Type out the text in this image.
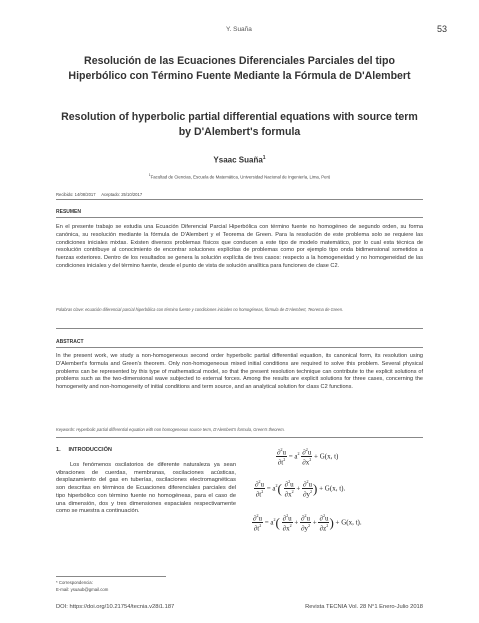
Y. Suaña	53
Resolución de las Ecuaciones Diferenciales Parciales del tipo Hiperbólico con Término Fuente Mediante la Fórmula de D'Alembert
Resolution of hyperbolic partial differential equations with source term by D'Alembert's formula
Ysaac Suaña$^1$
$^1$Facultad de Ciencias, Escuela de Matemática, Universidad Nacional de Ingeniería, Lima, Perú
Recibido: 14/08/2017 Aceptado: 25/10/2017
RESUMEN
En el presente trabajo se estudia una Ecuación Diferencial Parcial Hiperbólica con término fuente no homogéneo de segundo orden, su forma canónica, su resolución mediante la fórmula de D'Alembert y el Teorema de Green. Para la resolución de este problema solo se requiere las condiciones iniciales mixtas. Existen diversos problemas físicos que conducen a este tipo de modelo matemático, por lo cual esta técnica de resolución contribuye al conocimiento de encontrar soluciones explícitas de problemas como por ejemplo tipo onda bidimensional sometidos a fuerzas exteriores. Dentro de los resultados se genera la solución explícita de tres casos: respecto a la homogeneidad y no homogeneidad de las condiciones iniciales y del término fuente, desde el punto de vista de solución analítica para funciones de clase C2.
Palabras clave: ecuación diferencial parcial hiperbólica con término fuente y condiciones iniciales no homogéneas, fórmula de D'Alembert, Teorema de Green.
ABSTRACT
In the present work, we study a non-homogeneous second order hyperbolic partial differential equation, its canonical form, its resolution using D'Alembert's formula and Green's theorem. Only non-homogeneous mixed initial conditions are required to solve this problem. Several physical problems can be represented by this type of mathematical model, so that the present resolution technique can contribute to the explicit solutions of problems such as the two-dimensional wave subjected to external forces. Among the results are explicit solutions for three cases, concerning the homogeneity and non-homogeneity of initial conditions and term source, and an analytical solution for class C2 functions.
Keywords: Hyperbolic partial differential equation with non homogeneous source term, D'Alembert's formula, Green's theorem.
1. INTRODUCCIÓN
Los fenómenos oscilatorios de diferente naturaleza ya sean vibraciones de cuerdas, membranas, oscilaciones acústicas, desplazamiento del gas en tuberías, oscilaciones electromagnéticas son descritas en términos de Ecuaciones diferenciales parciales del tipo hiperbólico con término fuente no homogéneas, para el caso de una dimensión, dos y tres dimensiones espaciales respectivamente como se muestra a continuación.
$\frac{\partial^2u}{\partial t^2} = a^2 \frac{\partial^2u}{\partial x^2} + G(x$, t)
$\frac{\partial^2u}{\partial t^2} = a^2( \frac{\partial^2u}{\partial x^2} + \frac{\partial^2u}{\partial y^2}$ ) + G(x, t).
$\frac{\partial^2u}{\partial t^2} = a^2( \frac{\partial^2u}{\partial x^2} + \frac{\partial^2u}{\partial y^2} + \frac{\partial^2u}{\partial z^2}$ ) + G(x, t).
* Correspondencia:
E-mail: ysuaub@gmail.com
DOI: https://doi.org/10.21754/tecnia.v28i1.187	Revista TECNIA Vol. 28 N°1 Enero-Julio 2018
